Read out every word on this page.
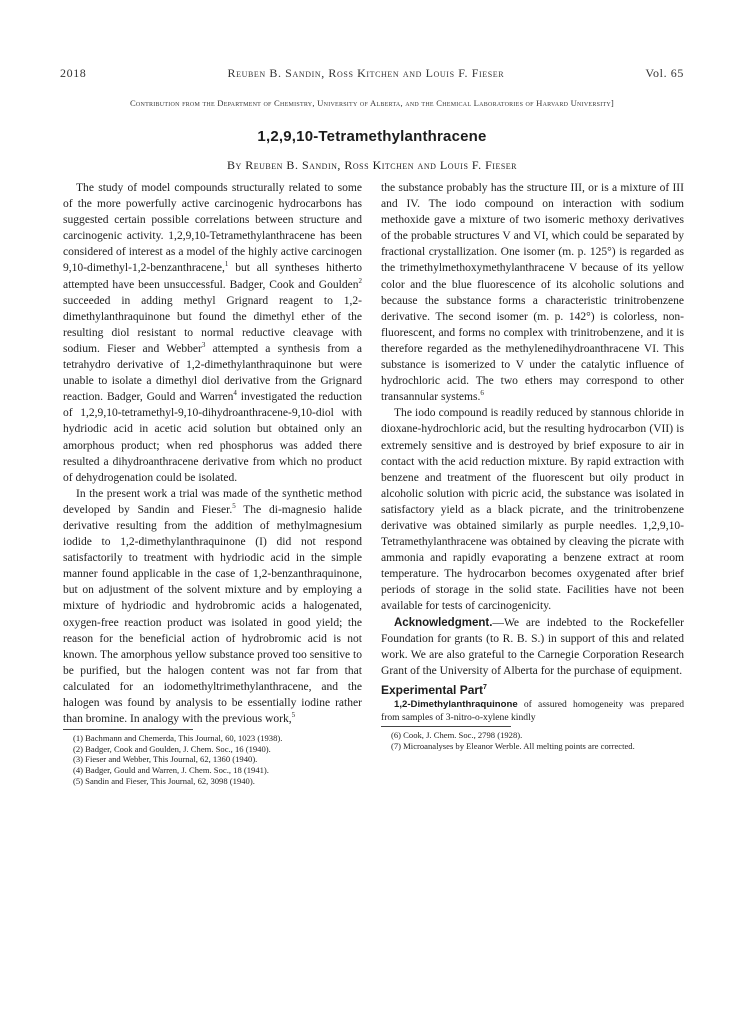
2018	Reuben B. Sandin, Ross Kitchen and Louis F. Fieser	Vol. 65
Contribution from the Department of Chemistry, University of Alberta, and the Chemical Laboratories of Harvard University]
1,2,9,10-Tetramethylanthracene
By Reuben B. Sandin, Ross Kitchen and Louis F. Fieser

The study of model compounds structurally related to some of the more powerfully active carcinogenic hydrocarbons has suggested certain possible correlations between structure and carcinogenic activity. 1,2,9,10-Tetramethylanthracene has been considered of interest as a model of the highly active carcinogen 9,10-dimethyl-1,2-benzanthracene,$^1$ but all syntheses hitherto attempted have been unsuccessful. Badger, Cook and Goulden$^2$ succeeded in adding methyl Grignard reagent to 1,2-dimethylanthraquinone but found the dimethyl ether of the resulting diol resistant to normal reductive cleavage with sodium. Fieser and Webber$^3$ attempted a synthesis from a tetrahydro derivative of 1,2-dimethylanthraquinone but were unable to isolate a dimethyl diol derivative from the Grignard reaction. Badger, Gould and Warren$^4$ investigated the reduction of 1,2,9,10-tetramethyl-9,10-dihydroanthracene-9,10-diol with hydriodic acid in acetic acid solution but obtained only an amorphous product; when red phosphorus was added there resulted a dihydroanthracene derivative from which no product of dehydrogenation could be isolated.

In the present work a trial was made of the synthetic method developed by Sandin and Fieser.$^5$ The di-magnesio halide derivative resulting from the addition of methylmagnesium iodide to 1,2-dimethylanthraquinone (I) did not respond satisfactorily to treatment with hydriodic acid in the simple manner found applicable in the case of 1,2-benzanthraquinone, but on adjustment of the solvent mixture and by employing a mixture of hydriodic and hydrobromic acids a halogenated, oxygen-free reaction product was isolated in good yield; the reason for the beneficial action of hydrobromic acid is not known. The amorphous yellow substance proved too sensitive to be purified, but the halogen content was not far from that calculated for an iodomethyltrimethylanthracene, and the halogen was found by analysis to be essentially iodine rather than bromine. In analogy with the previous work,$^5$

(1) Bachmann and Chemerda, This Journal, 60, 1023 (1938).
(2) Badger, Cook and Goulden, J. Chem. Soc., 16 (1940).
(3) Fieser and Webber, This Journal, 62, 1360 (1940).
(4) Badger, Gould and Warren, J. Chem. Soc., 18 (1941).
(5) Sandin and Fieser, This Journal, 62, 3098 (1940).

the substance probably has the structure III, or is a mixture of III and IV. The iodo compound on interaction with sodium methoxide gave a mixture of two isomeric methoxy derivatives of the probable structures V and VI, which could be separated by fractional crystallization. One isomer (m. p. 125°) is regarded as the trimethylmethoxymethylanthracene V because of its yellow color and the blue fluorescence of its alcoholic solutions and because the substance forms a characteristic trinitrobenzene derivative. The second isomer (m. p. 142°) is colorless, non-fluorescent, and forms no complex with trinitrobenzene, and it is therefore regarded as the methylenedihydroanthracene VI. This substance is isomerized to V under the catalytic influence of hydrochloric acid. The two ethers may correspond to other transannular systems.$^6$

The iodo compound is readily reduced by stannous chloride in dioxane-hydrochloric acid, but the resulting hydrocarbon (VII) is extremely sensitive and is destroyed by brief exposure to air in contact with the acid reduction mixture. By rapid extraction with benzene and treatment of the fluorescent but oily product in alcoholic solution with picric acid, the substance was isolated in satisfactory yield as a black picrate, and the trinitrobenzene derivative was obtained similarly as purple needles. 1,2,9,10-Tetramethylanthracene was obtained by cleaving the picrate with ammonia and rapidly evaporating a benzene extract at room temperature. The hydrocarbon becomes oxygenated after brief periods of storage in the solid state. Facilities have not been available for tests of carcinogenicity.

Acknowledgment.—We are indebted to the Rockefeller Foundation for grants (to R. B. S.) in support of this and related work. We are also grateful to the Carnegie Corporation Research Grant of the University of Alberta for the purchase of equipment.

Experimental Part$^7$

1,2-Dimethylanthraquinone of assured homogeneity was prepared from samples of 3-nitro-o-xylene kindly

(6) Cook, J. Chem. Soc., 2798 (1928).
(7) Microanalyses by Eleanor Werble. All melting points are corrected.
